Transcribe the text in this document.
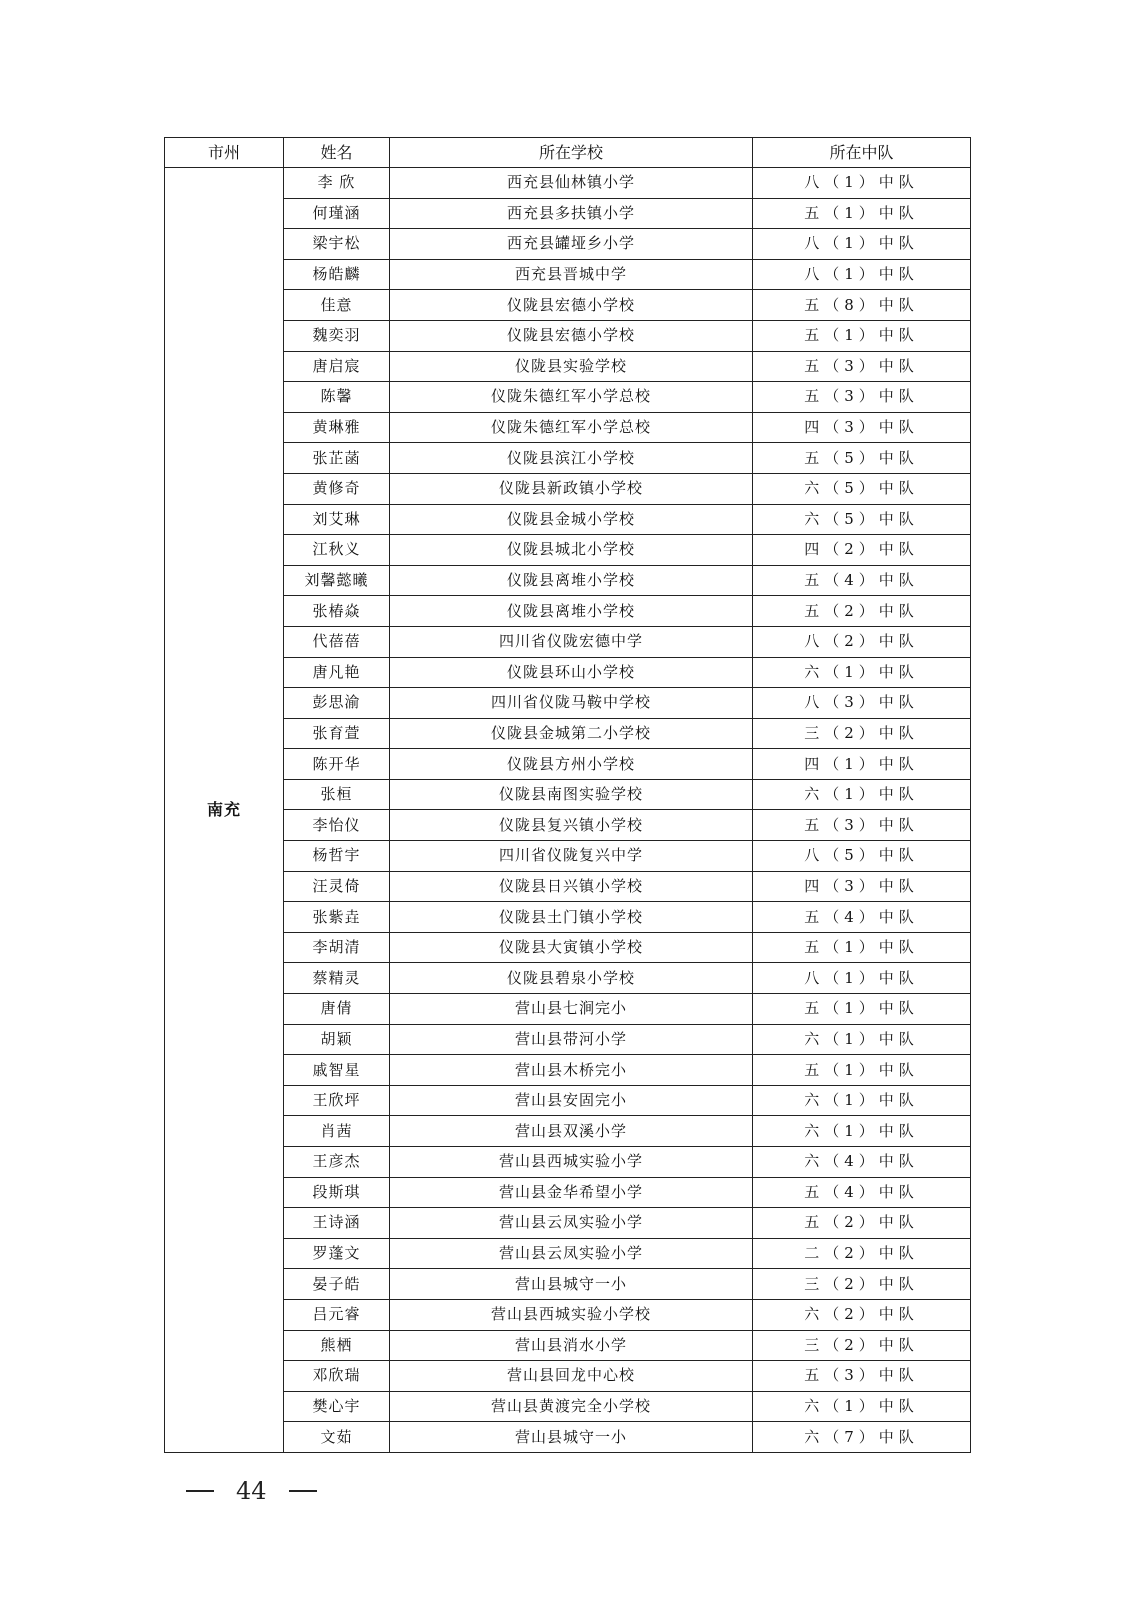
市州	姓名	所在学校	所在中队
南充	李 欣	西充县仙林镇小学	八（1）中队
	何瑾涵	西充县多扶镇小学	五（1）中队
	梁宇松	西充县罐垭乡小学	八（1）中队
	杨皓麟	西充县晋城中学	八（1）中队
	佳意	仪陇县宏德小学校	五（8）中队
	魏奕羽	仪陇县宏德小学校	五（1）中队
	唐启宸	仪陇县实验学校	五（3）中队
	陈馨	仪陇朱德红军小学总校	五（3）中队
	黄琳雅	仪陇朱德红军小学总校	四（3）中队
	张芷菡	仪陇县滨江小学校	五（5）中队
	黄修奇	仪陇县新政镇小学校	六（5）中队
	刘艾琳	仪陇县金城小学校	六（5）中队
	江秋义	仪陇县城北小学校	四（2）中队
	刘馨懿曦	仪陇县离堆小学校	五（4）中队
	张椿焱	仪陇县离堆小学校	五（2）中队
	代蓓蓓	四川省仪陇宏德中学	八（2）中队
	唐凡艳	仪陇县环山小学校	六（1）中队
	彭思渝	四川省仪陇马鞍中学校	八（3）中队
	张育萱	仪陇县金城第二小学校	三（2）中队
	陈开华	仪陇县方州小学校	四（1）中队
	张桓	仪陇县南图实验学校	六（1）中队
	李怡仪	仪陇县复兴镇小学校	五（3）中队
	杨哲宇	四川省仪陇复兴中学	八（5）中队
	汪灵倚	仪陇县日兴镇小学校	四（3）中队
	张紫垚	仪陇县土门镇小学校	五（4）中队
	李胡清	仪陇县大寅镇小学校	五（1）中队
	蔡精灵	仪陇县碧泉小学校	八（1）中队
	唐倩	营山县七涧完小	五（1）中队
	胡颖	营山县带河小学	六（1）中队
	戚智星	营山县木桥完小	五（1）中队
	王欣坪	营山县安固完小	六（1）中队
	肖茜	营山县双溪小学	六（1）中队
	王彦杰	营山县西城实验小学	六（4）中队
	段斯琪	营山县金华希望小学	五（4）中队
	王诗涵	营山县云凤实验小学	五（2）中队
	罗蓬文	营山县云凤实验小学	二（2）中队
	晏子皓	营山县城守一小	三（2）中队
	吕元睿	营山县西城实验小学校	六（2）中队
	熊栖	营山县消水小学	三（2）中队
	邓欣瑞	营山县回龙中心校	五（3）中队
	樊心宇	营山县黄渡完全小学校	六（1）中队
	文茹	营山县城守一小	六（7）中队
44
